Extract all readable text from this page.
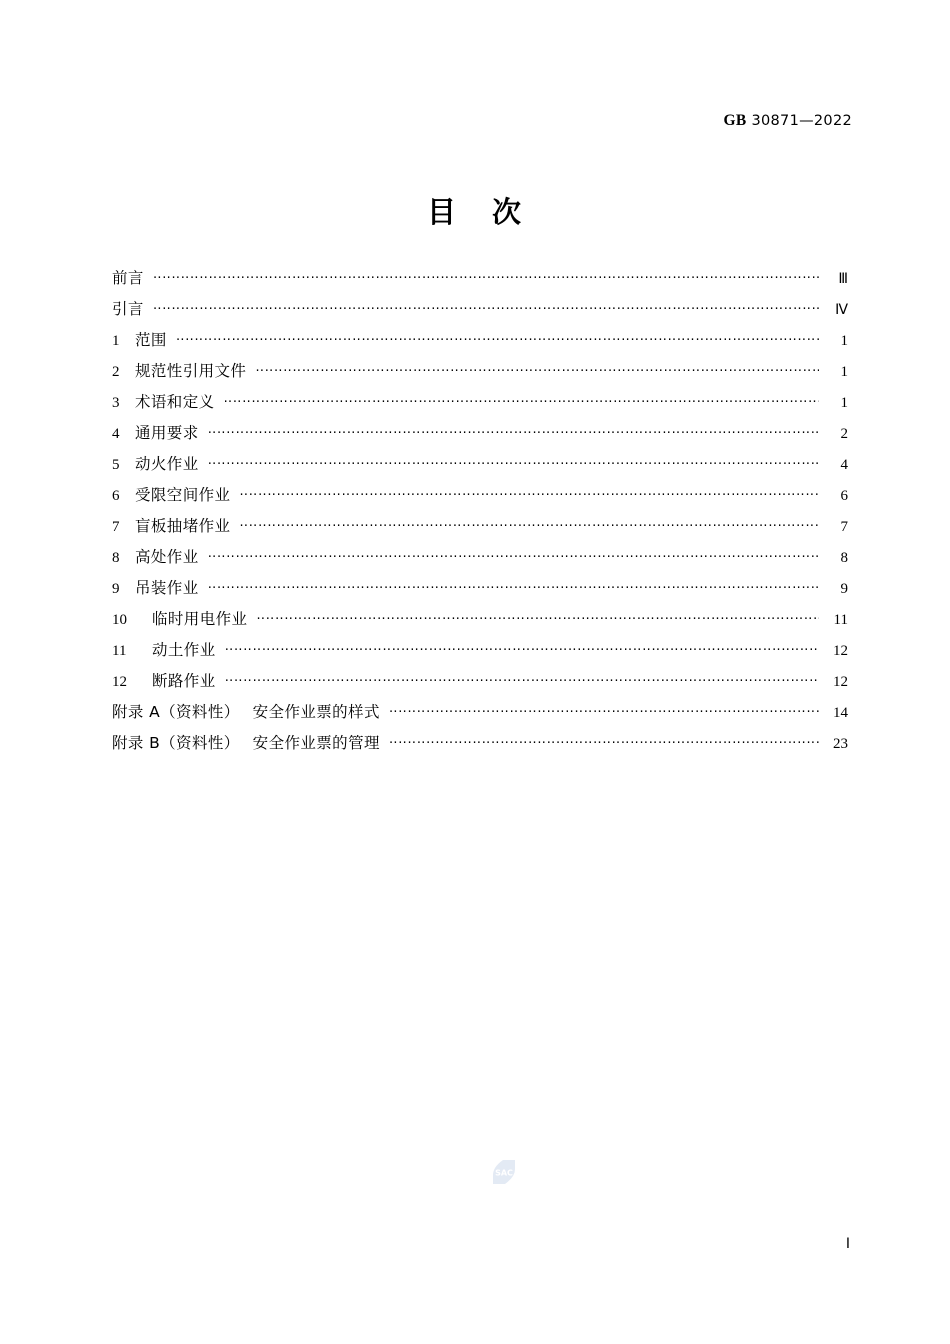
GB 30871—2022
目 次
前言 ‥‥‥‥‥‥‥‥‥‥‥‥‥‥‥‥‥‥‥‥‥‥‥‥‥‥‥‥‥‥‥‥‥‥‥‥‥‥‥‥‥‥‥‥‥‥‥‥‥‥‥‥‥‥‥‥‥‥‥‥‥‥‥‥‥‥‥‥‥‥‥‥‥‥‥‥	Ⅲ
引言 ‥‥‥‥‥‥‥‥‥‥‥‥‥‥‥‥‥‥‥‥‥‥‥‥‥‥‥‥‥‥‥‥‥‥‥‥‥‥‥‥‥‥‥‥‥‥‥‥‥‥‥‥‥‥‥‥‥‥‥‥‥‥‥‥‥‥‥‥‥‥‥‥‥‥‥‥	Ⅳ
1	范围 ‥‥‥‥‥‥‥‥‥‥‥‥‥‥‥‥‥‥‥‥‥‥‥‥‥‥‥‥‥‥‥‥‥‥‥‥‥‥‥‥‥‥‥‥‥‥‥‥‥‥‥‥‥‥‥‥‥‥‥‥‥‥‥‥‥‥‥‥‥‥‥‥‥‥‥‥	1
2	规范性引用文件 ‥‥‥‥‥‥‥‥‥‥‥‥‥‥‥‥‥‥‥‥‥‥‥‥‥‥‥‥‥‥‥‥‥‥‥‥‥‥‥‥‥‥‥‥‥‥‥‥‥‥‥‥‥‥‥‥‥‥‥‥‥‥‥‥‥‥‥‥‥‥‥‥‥‥‥‥	1
3	术语和定义 ‥‥‥‥‥‥‥‥‥‥‥‥‥‥‥‥‥‥‥‥‥‥‥‥‥‥‥‥‥‥‥‥‥‥‥‥‥‥‥‥‥‥‥‥‥‥‥‥‥‥‥‥‥‥‥‥‥‥‥‥‥‥‥‥‥‥‥‥‥‥‥‥‥‥‥‥	1
4	通用要求 ‥‥‥‥‥‥‥‥‥‥‥‥‥‥‥‥‥‥‥‥‥‥‥‥‥‥‥‥‥‥‥‥‥‥‥‥‥‥‥‥‥‥‥‥‥‥‥‥‥‥‥‥‥‥‥‥‥‥‥‥‥‥‥‥‥‥‥‥‥‥‥‥‥‥‥‥	2
5	动火作业 ‥‥‥‥‥‥‥‥‥‥‥‥‥‥‥‥‥‥‥‥‥‥‥‥‥‥‥‥‥‥‥‥‥‥‥‥‥‥‥‥‥‥‥‥‥‥‥‥‥‥‥‥‥‥‥‥‥‥‥‥‥‥‥‥‥‥‥‥‥‥‥‥‥‥‥‥	4
6	受限空间作业 ‥‥‥‥‥‥‥‥‥‥‥‥‥‥‥‥‥‥‥‥‥‥‥‥‥‥‥‥‥‥‥‥‥‥‥‥‥‥‥‥‥‥‥‥‥‥‥‥‥‥‥‥‥‥‥‥‥‥‥‥‥‥‥‥‥‥‥‥‥‥‥‥‥‥‥‥	6
7	盲板抽堵作业 ‥‥‥‥‥‥‥‥‥‥‥‥‥‥‥‥‥‥‥‥‥‥‥‥‥‥‥‥‥‥‥‥‥‥‥‥‥‥‥‥‥‥‥‥‥‥‥‥‥‥‥‥‥‥‥‥‥‥‥‥‥‥‥‥‥‥‥‥‥‥‥‥‥‥‥‥	7
8	高处作业 ‥‥‥‥‥‥‥‥‥‥‥‥‥‥‥‥‥‥‥‥‥‥‥‥‥‥‥‥‥‥‥‥‥‥‥‥‥‥‥‥‥‥‥‥‥‥‥‥‥‥‥‥‥‥‥‥‥‥‥‥‥‥‥‥‥‥‥‥‥‥‥‥‥‥‥‥	8
9	吊装作业 ‥‥‥‥‥‥‥‥‥‥‥‥‥‥‥‥‥‥‥‥‥‥‥‥‥‥‥‥‥‥‥‥‥‥‥‥‥‥‥‥‥‥‥‥‥‥‥‥‥‥‥‥‥‥‥‥‥‥‥‥‥‥‥‥‥‥‥‥‥‥‥‥‥‥‥‥	9
10	临时用电作业 ‥‥‥‥‥‥‥‥‥‥‥‥‥‥‥‥‥‥‥‥‥‥‥‥‥‥‥‥‥‥‥‥‥‥‥‥‥‥‥‥‥‥‥‥‥‥‥‥‥‥‥‥‥‥‥‥‥‥‥‥‥‥‥‥‥‥‥‥‥‥‥‥‥‥‥‥	11
11	动土作业 ‥‥‥‥‥‥‥‥‥‥‥‥‥‥‥‥‥‥‥‥‥‥‥‥‥‥‥‥‥‥‥‥‥‥‥‥‥‥‥‥‥‥‥‥‥‥‥‥‥‥‥‥‥‥‥‥‥‥‥‥‥‥‥‥‥‥‥‥‥‥‥‥‥‥‥‥	12
12	断路作业 ‥‥‥‥‥‥‥‥‥‥‥‥‥‥‥‥‥‥‥‥‥‥‥‥‥‥‥‥‥‥‥‥‥‥‥‥‥‥‥‥‥‥‥‥‥‥‥‥‥‥‥‥‥‥‥‥‥‥‥‥‥‥‥‥‥‥‥‥‥‥‥‥‥‥‥‥	12
附录 A（资料性） 安全作业票的样式 ‥‥‥‥‥‥‥‥‥‥‥‥‥‥‥‥‥‥‥‥‥‥‥‥‥‥‥‥‥‥‥‥‥‥‥‥‥‥‥‥‥‥‥‥‥‥‥‥‥‥‥‥‥‥‥‥‥‥‥‥‥‥‥‥‥‥‥‥‥‥‥‥‥‥‥‥	14
附录 B（资料性） 安全作业票的管理 ‥‥‥‥‥‥‥‥‥‥‥‥‥‥‥‥‥‥‥‥‥‥‥‥‥‥‥‥‥‥‥‥‥‥‥‥‥‥‥‥‥‥‥‥‥‥‥‥‥‥‥‥‥‥‥‥‥‥‥‥‥‥‥‥‥‥‥‥‥‥‥‥‥‥‥‥	23
SAC
Ⅰ
